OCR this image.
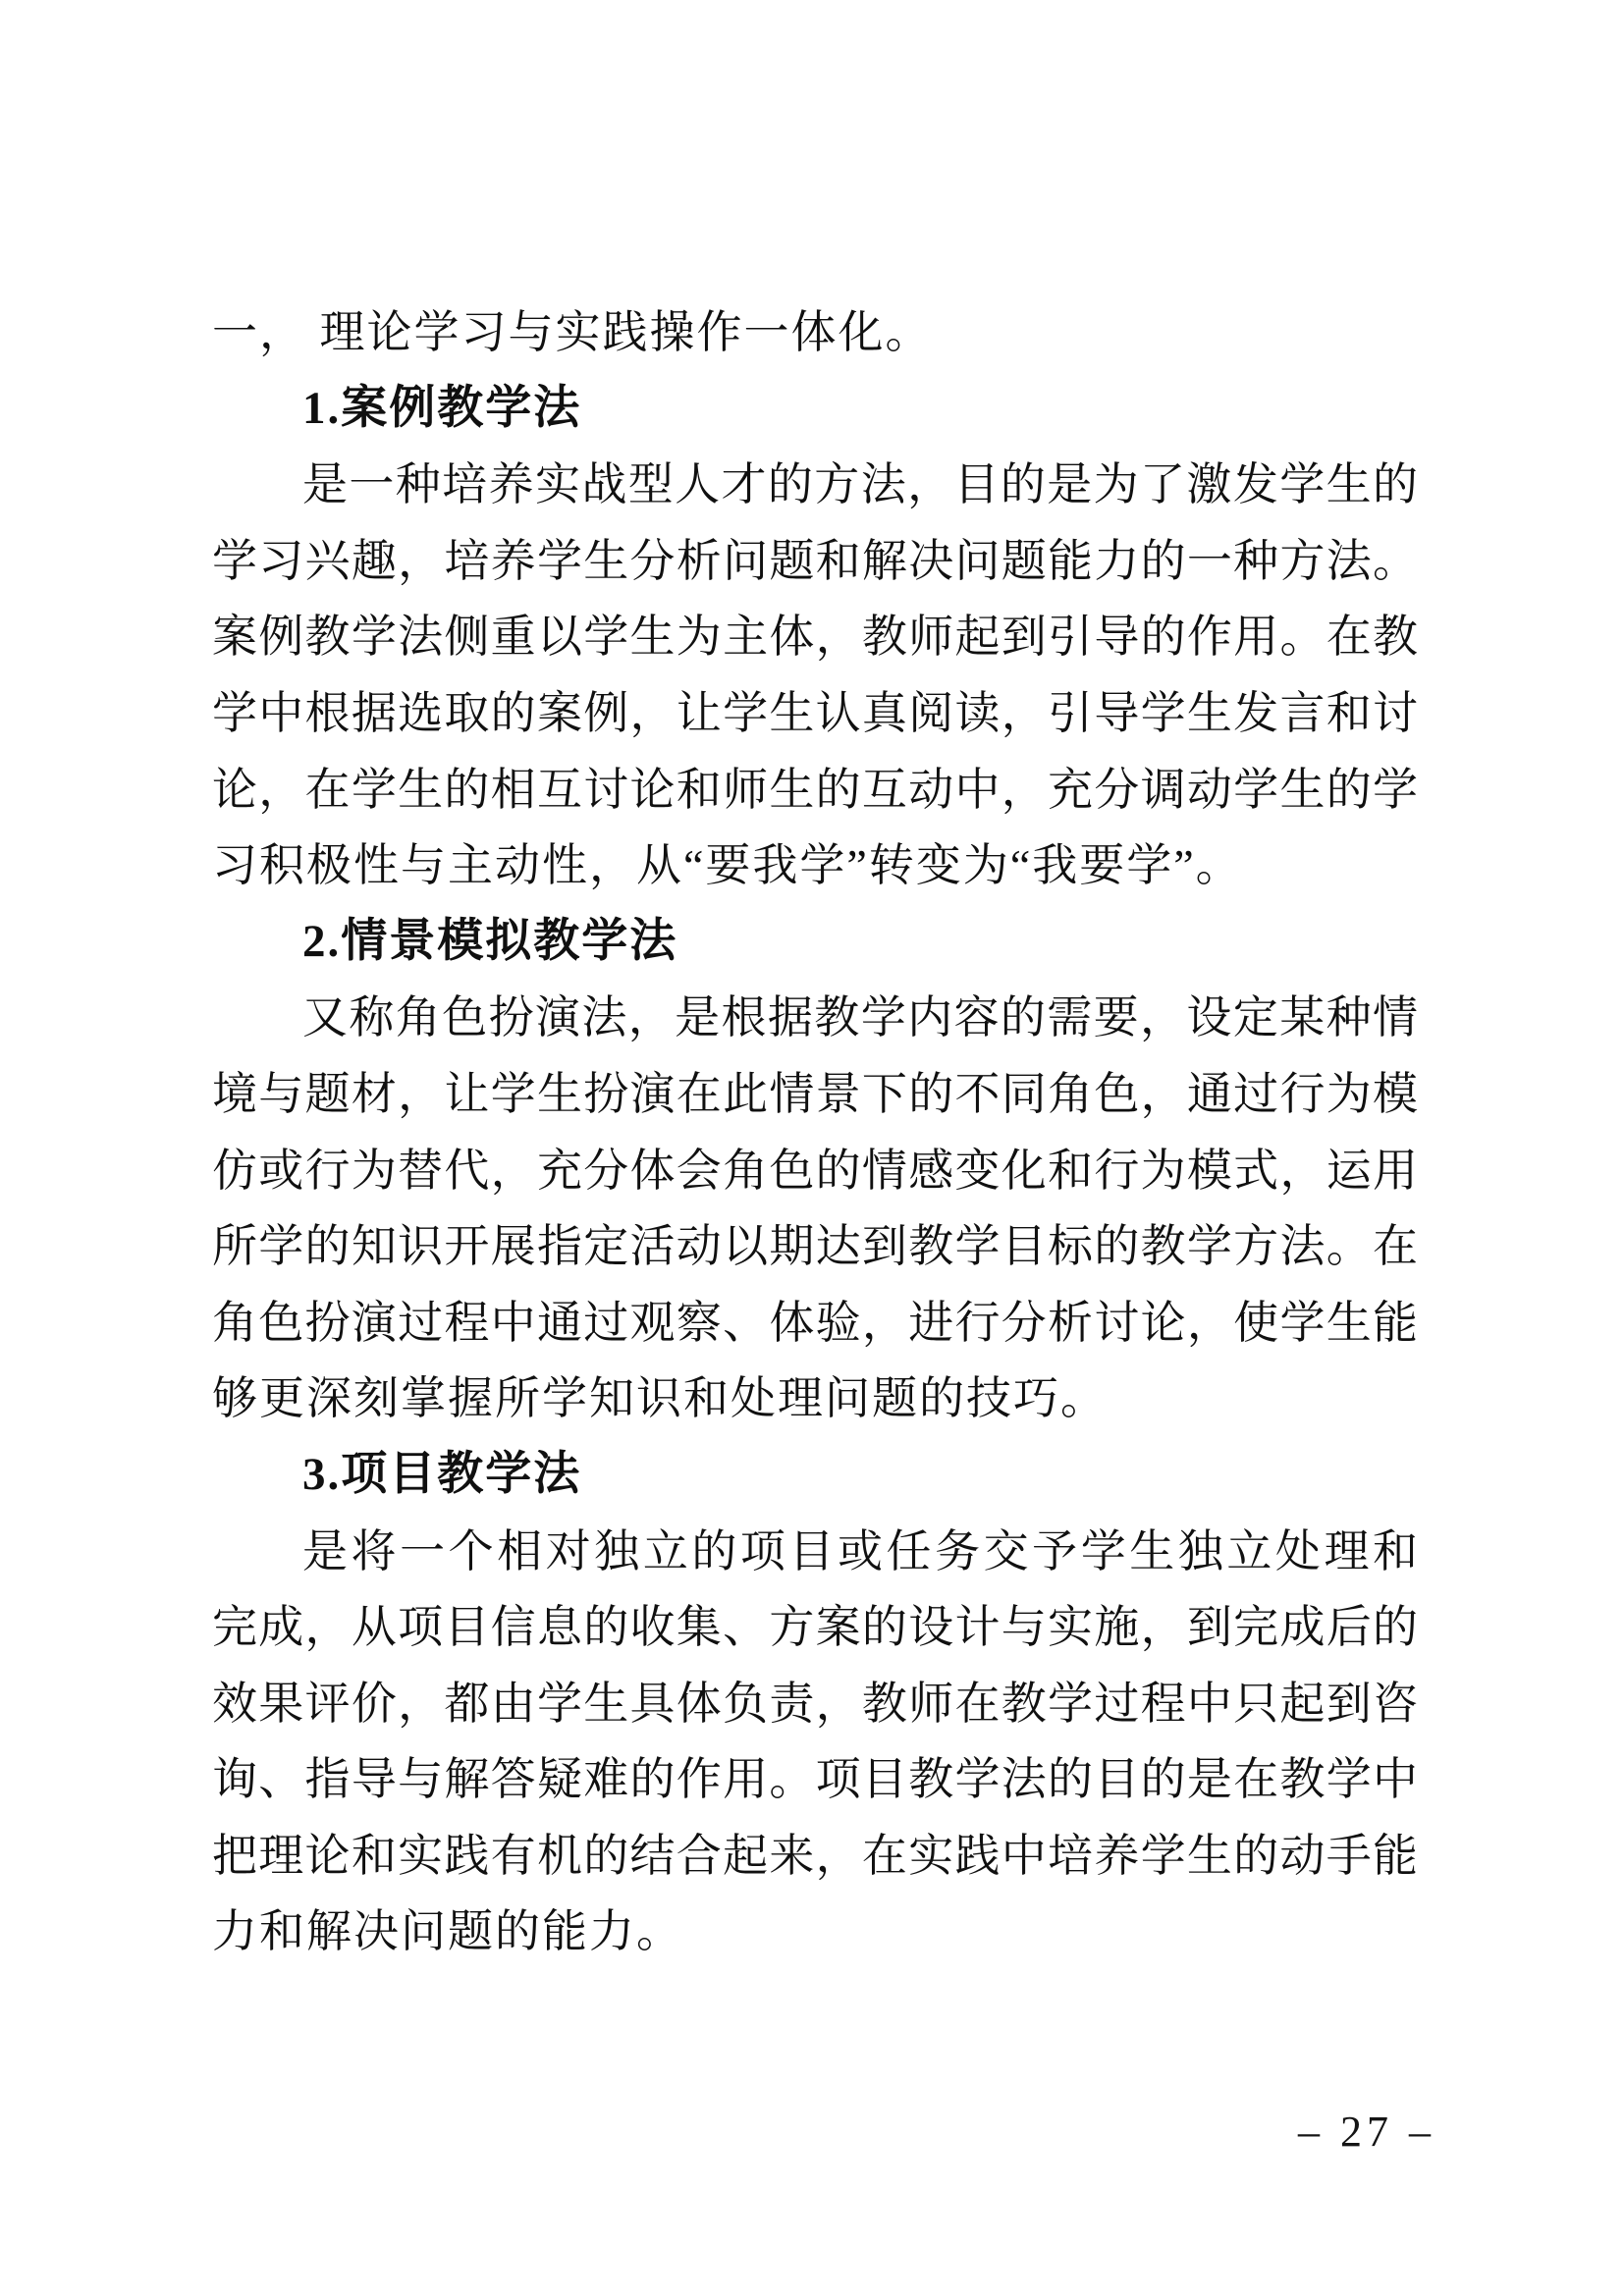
一， 理论学习与实践操作一体化。
1.案例教学法
是一种培养实战型人才的方法，目的是为了激发学生的
学习兴趣，培养学生分析问题和解决问题能力的一种方法。
案例教学法侧重以学生为主体，教师起到引导的作用。在教
学中根据选取的案例，让学生认真阅读，引导学生发言和讨
论，在学生的相互讨论和师生的互动中，充分调动学生的学
习积极性与主动性，从“要我学”转变为“我要学”。
2.情景模拟教学法
又称角色扮演法，是根据教学内容的需要，设定某种情
境与题材，让学生扮演在此情景下的不同角色，通过行为模
仿或行为替代，充分体会角色的情感变化和行为模式，运用
所学的知识开展指定活动以期达到教学目标的教学方法。在
角色扮演过程中通过观察、体验，进行分析讨论，使学生能
够更深刻掌握所学知识和处理问题的技巧。
3.项目教学法
是将一个相对独立的项目或任务交予学生独立处理和
完成，从项目信息的收集、方案的设计与实施，到完成后的
效果评价，都由学生具体负责，教师在教学过程中只起到咨
询、指导与解答疑难的作用。项目教学法的目的是在教学中
把理论和实践有机的结合起来，在实践中培养学生的动手能
力和解决问题的能力。
– 27 –
